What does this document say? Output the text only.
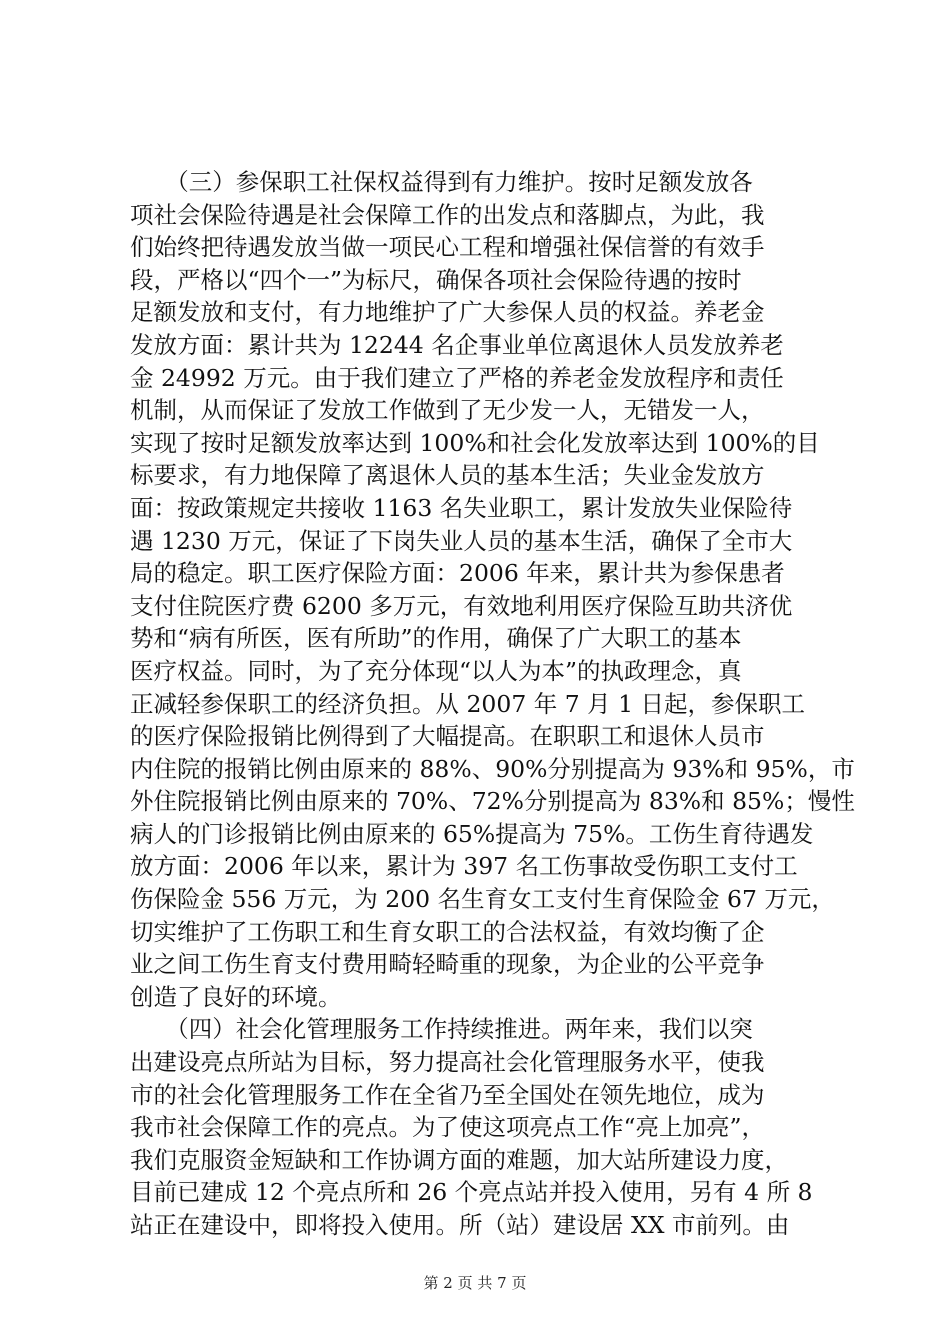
　　（三）参保职工社保权益得到有力维护。按时足额发放各
项社会保险待遇是社会保障工作的出发点和落脚点，为此，我
们始终把待遇发放当做一项民心工程和增强社保信誉的有效手
段，严格以“四个一”为标尺，确保各项社会保险待遇的按时
足额发放和支付，有力地维护了广大参保人员的权益。养老金
发放方面：累计共为 12244 名企事业单位离退休人员发放养老
金 24992 万元。由于我们建立了严格的养老金发放程序和责任
机制，从而保证了发放工作做到了无少发一人，无错发一人，
实现了按时足额发放率达到 100%和社会化发放率达到 100%的目
标要求，有力地保障了离退休人员的基本生活；失业金发放方
面：按政策规定共接收 1163 名失业职工，累计发放失业保险待
遇 1230 万元，保证了下岗失业人员的基本生活，确保了全市大
局的稳定。职工医疗保险方面：2006 年来，累计共为参保患者
支付住院医疗费 6200 多万元，有效地利用医疗保险互助共济优
势和“病有所医，医有所助”的作用，确保了广大职工的基本
医疗权益。同时，为了充分体现“以人为本”的执政理念，真
正减轻参保职工的经济负担。从 2007 年 7 月 1 日起，参保职工
的医疗保险报销比例得到了大幅提高。在职职工和退休人员市
内住院的报销比例由原来的 88%、90%分别提高为 93%和 95%，市
外住院报销比例由原来的 70%、72%分别提高为 83%和 85%；慢性
病人的门诊报销比例由原来的 65%提高为 75%。工伤生育待遇发
放方面：2006 年以来，累计为 397 名工伤事故受伤职工支付工
伤保险金 556 万元，为 200 名生育女工支付生育保险金 67 万元，
切实维护了工伤职工和生育女职工的合法权益，有效均衡了企
业之间工伤生育支付费用畸轻畸重的现象，为企业的公平竞争
创造了良好的环境。
　　（四）社会化管理服务工作持续推进。两年来，我们以突
出建设亮点所站为目标，努力提高社会化管理服务水平，使我
市的社会化管理服务工作在全省乃至全国处在领先地位，成为
我市社会保障工作的亮点。为了使这项亮点工作“亮上加亮”，
我们克服资金短缺和工作协调方面的难题，加大站所建设力度，
目前已建成 12 个亮点所和 26 个亮点站并投入使用，另有 4 所 8
站正在建设中，即将投入使用。所（站）建设居 XX 市前列。由
第 2 页 共 7 页
